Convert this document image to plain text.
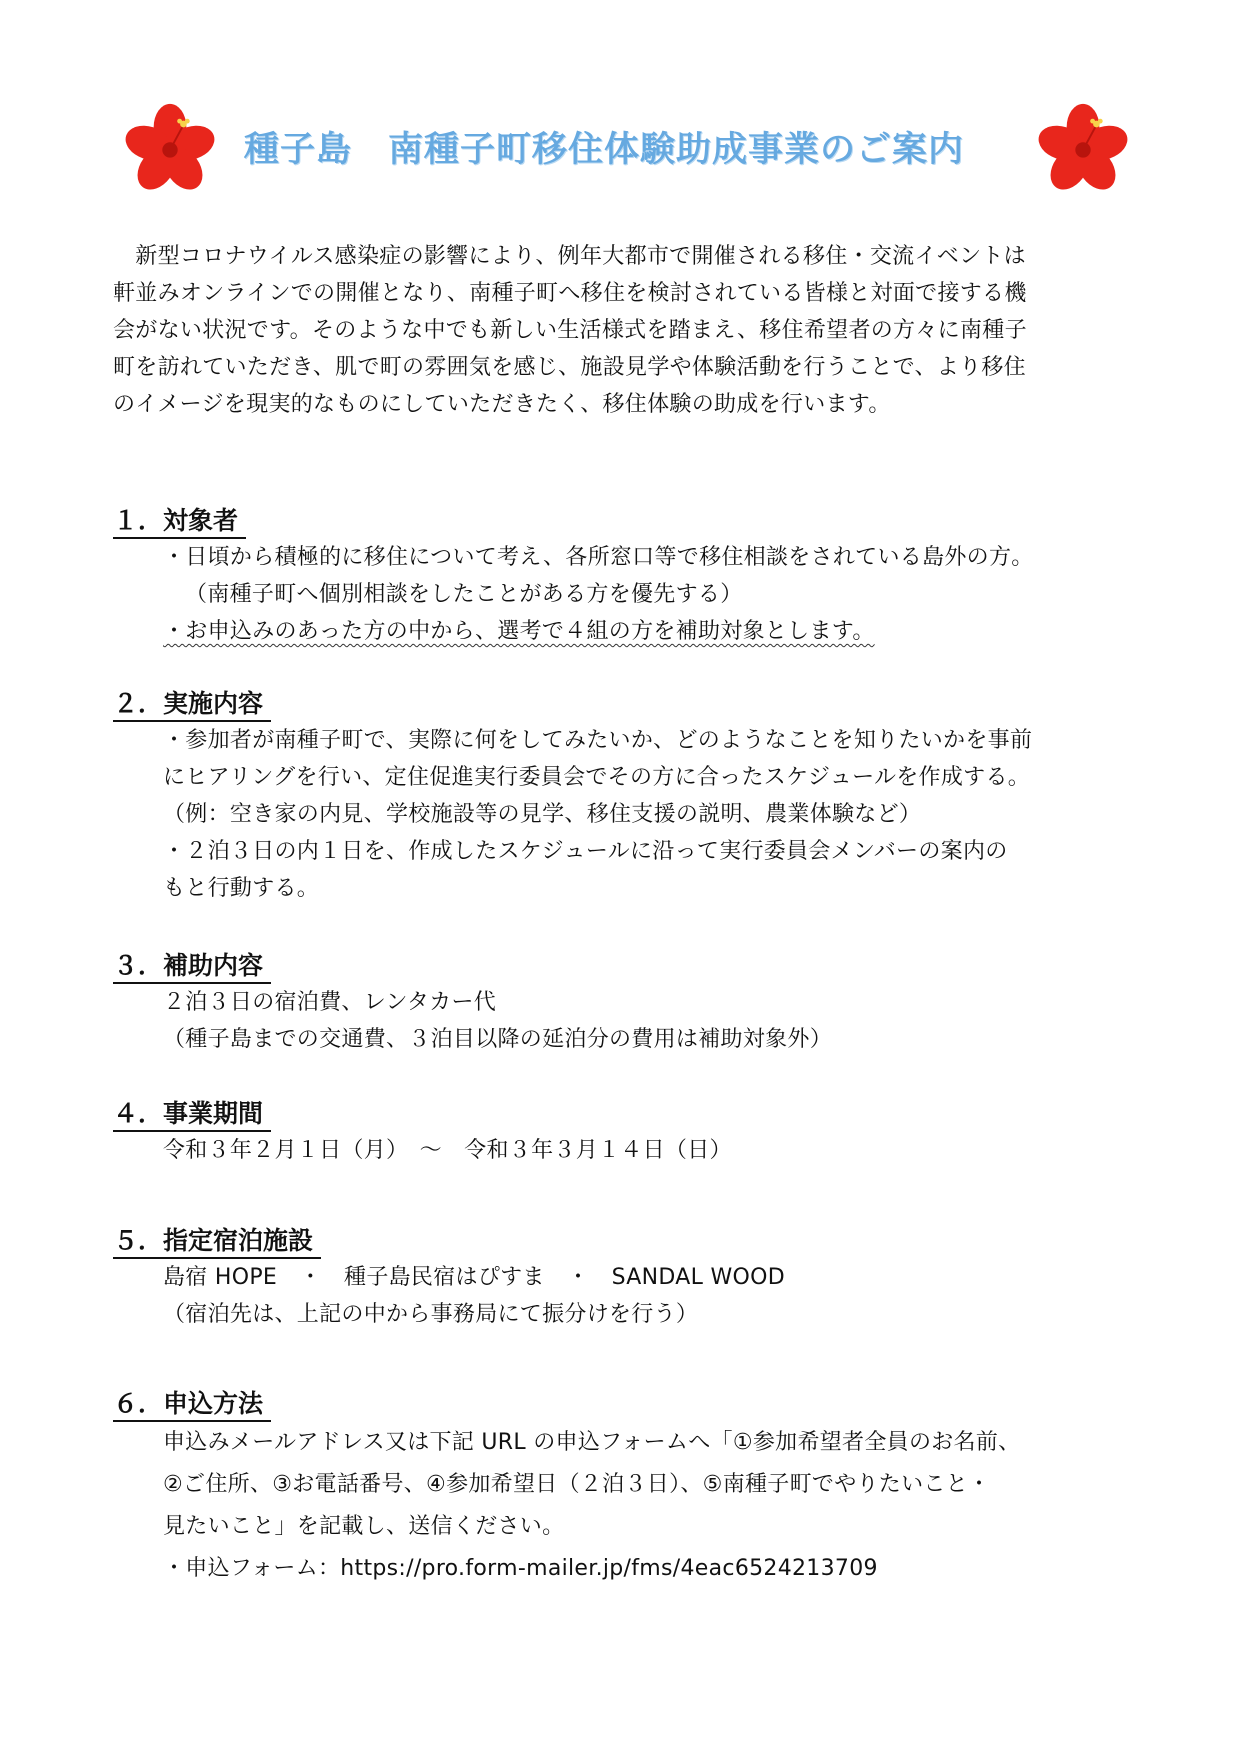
種子島　南種子町移住体験助成事業のご案内
　新型コロナウイルス感染症の影響により、例年大都市で開催される移住・交流イベントは
軒並みオンラインでの開催となり、南種子町へ移住を検討されている皆様と対面で接する機
会がない状況です。そのような中でも新しい生活様式を踏まえ、移住希望者の方々に南種子
町を訪れていただき、肌で町の雰囲気を感じ、施設見学や体験活動を行うことで、より移住
のイメージを現実的なものにしていただきたく、移住体験の助成を行います。
１．対象者
・日頃から積極的に移住について考え、各所窓口等で移住相談をされている島外の方。
（南種子町へ個別相談をしたことがある方を優先する）
・お申込みのあった方の中から、選考で４組の方を補助対象とします。
２．実施内容
・参加者が南種子町で、実際に何をしてみたいか、どのようなことを知りたいかを事前
にヒアリングを行い、定住促進実行委員会でその方に合ったスケジュールを作成する。
（例：空き家の内見、学校施設等の見学、移住支援の説明、農業体験など）
・２泊３日の内１日を、作成したスケジュールに沿って実行委員会メンバーの案内の
もと行動する。
３．補助内容
２泊３日の宿泊費、レンタカー代
（種子島までの交通費、３泊目以降の延泊分の費用は補助対象外）
４．事業期間
令和３年２月１日（月）　～　令和３年３月１４日（日）
５．指定宿泊施設
島宿 HOPE　・　種子島民宿はぴすま　・　SANDAL WOOD
（宿泊先は、上記の中から事務局にて振分けを行う）
６．申込方法
申込みメールアドレス又は下記 URL の申込フォームへ「①参加希望者全員のお名前、
②ご住所、③お電話番号、④参加希望日（２泊３日）、⑤南種子町でやりたいこと・
見たいこと」を記載し、送信ください。
・申込フォーム：https://pro.form-mailer.jp/fms/4eac6524213709
